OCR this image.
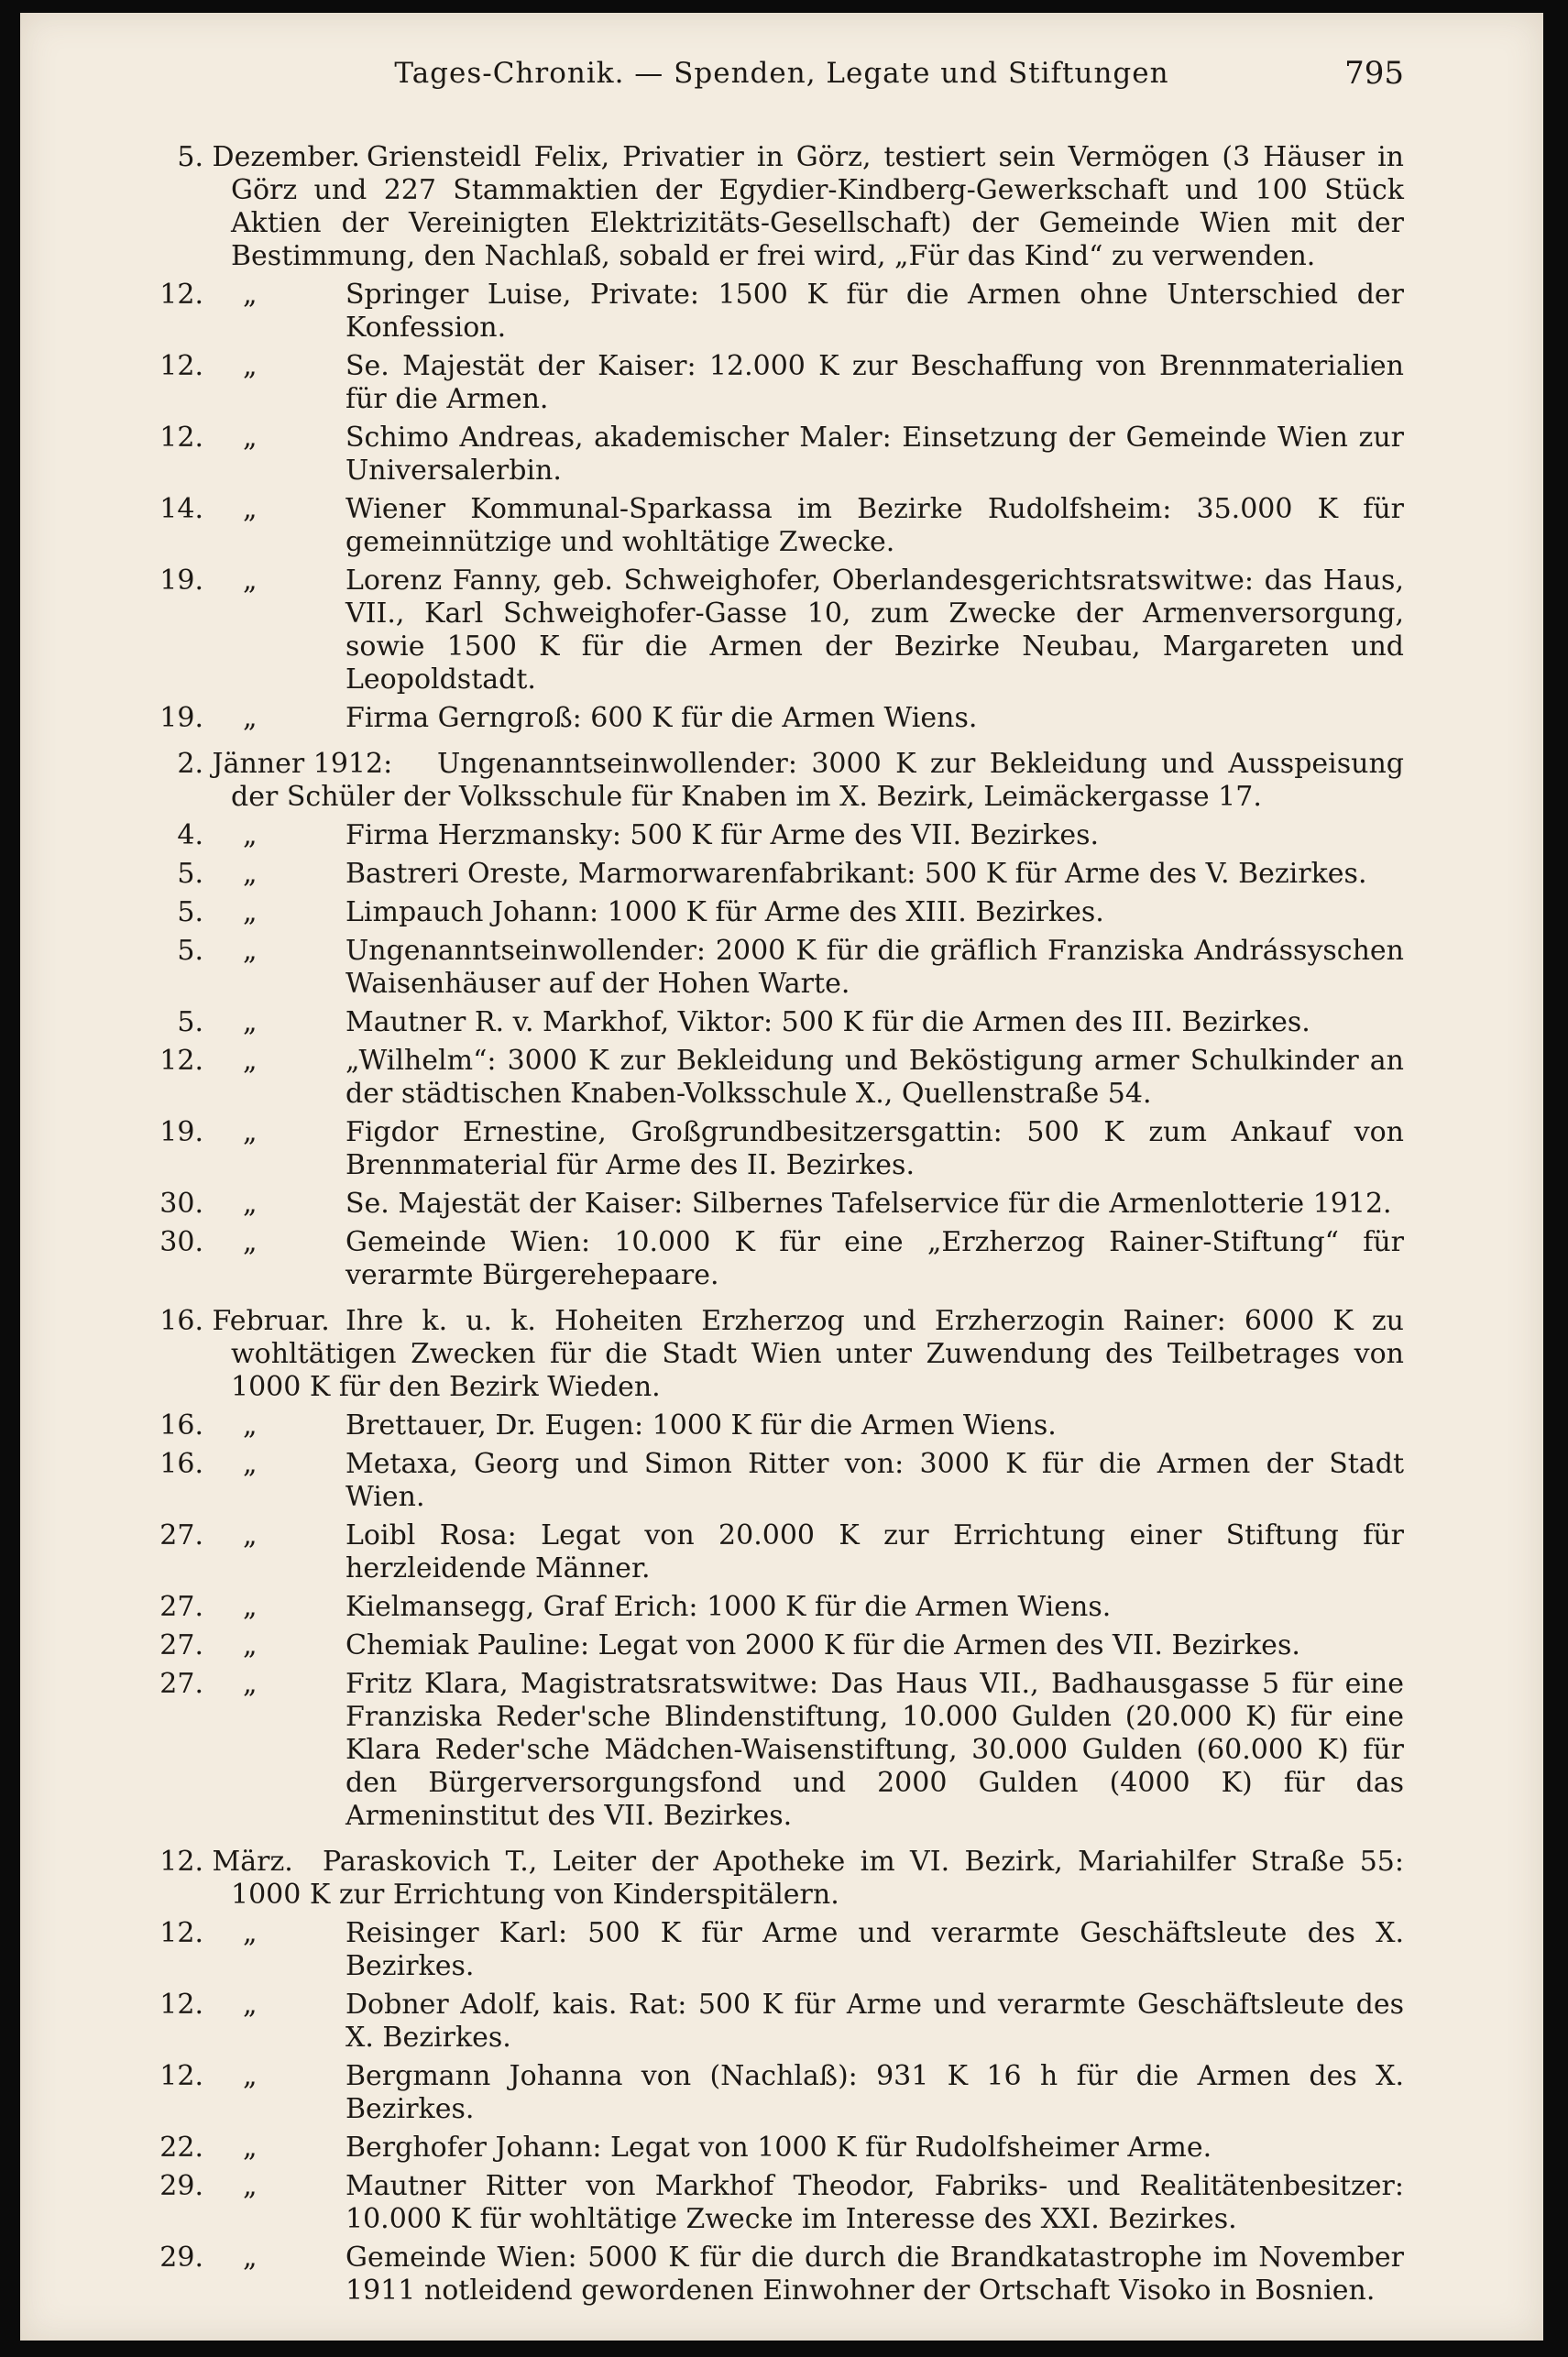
Tages-Chronik. — Spenden, Legate und Stiftungen	795
5. Dezember. Griensteidl Felix, Privatier in Görz, testiert sein Vermögen (3 Häuser in Görz und 227 Stammaktien der Egydier-Kindberg-Gewerkschaft und 100 Stück Aktien der Vereinigten Elektrizitäts-Gesellschaft) der Gemeinde Wien mit der Bestimmung, den Nachlaß, sobald er frei wird, „Für das Kind“ zu verwenden.
12. „	Springer Luise, Private: 1500 K für die Armen ohne Unterschied der Konfession.
12. „	Se. Majestät der Kaiser: 12.000 K zur Beschaffung von Brennmaterialien für die Armen.
12. „	Schimo Andreas, akademischer Maler: Einsetzung der Gemeinde Wien zur Universalerbin.
14. „	Wiener Kommunal-Sparkassa im Bezirke Rudolfsheim: 35.000 K für gemeinnützige und wohltätige Zwecke.
19. „	Lorenz Fanny, geb. Schweighofer, Oberlandesgerichtsratswitwe: das Haus, VII., Karl Schweighofer-Gasse 10, zum Zwecke der Armenversorgung, sowie 1500 K für die Armen der Bezirke Neubau, Margareten und Leopoldstadt.
19. „	Firma Gerngroß: 600 K für die Armen Wiens.
2. Jänner 1912:	Ungenanntseinwollender: 3000 K zur Bekleidung und Ausspeisung der Schüler der Volksschule für Knaben im X. Bezirk, Leimäckergasse 17.
4. „	Firma Herzmansky: 500 K für Arme des VII. Bezirkes.
5. „	Bastreri Oreste, Marmorwarenfabrikant: 500 K für Arme des V. Bezirkes.
5. „	Limpauch Johann: 1000 K für Arme des XIII. Bezirkes.
5. „	Ungenanntseinwollender: 2000 K für die gräflich Franziska Andrássyschen Waisenhäuser auf der Hohen Warte.
5. „	Mautner R. v. Markhof, Viktor: 500 K für die Armen des III. Bezirkes.
12. „	„Wilhelm“: 3000 K zur Bekleidung und Beköstigung armer Schulkinder an der städtischen Knaben-Volksschule X., Quellenstraße 54.
19. „	Figdor Ernestine, Großgrundbesitzersgattin: 500 K zum Ankauf von Brennmaterial für Arme des II. Bezirkes.
30. „	Se. Majestät der Kaiser: Silbernes Tafelservice für die Armenlotterie 1912.
30. „	Gemeinde Wien: 10.000 K für eine „Erzherzog Rainer-Stiftung“ für verarmte Bürgerehepaare.
16. Februar. Ihre k. u. k. Hoheiten Erzherzog und Erzherzogin Rainer: 6000 K zu wohltätigen Zwecken für die Stadt Wien unter Zuwendung des Teilbetrages von 1000 K für den Bezirk Wieden.
16. „	Brettauer, Dr. Eugen: 1000 K für die Armen Wiens.
16. „	Metaxa, Georg und Simon Ritter von: 3000 K für die Armen der Stadt Wien.
27. „	Loibl Rosa: Legat von 20.000 K zur Errichtung einer Stiftung für herzleidende Männer.
27. „	Kielmansegg, Graf Erich: 1000 K für die Armen Wiens.
27. „	Chemiak Pauline: Legat von 2000 K für die Armen des VII. Bezirkes.
27. „	Fritz Klara, Magistratsratswitwe: Das Haus VII., Badhausgasse 5 für eine Franziska Reder'sche Blindenstiftung, 10.000 Gulden (20.000 K) für eine Klara Reder'sche Mädchen-Waisenstiftung, 30.000 Gulden (60.000 K) für den Bürgerversorgungsfond und 2000 Gulden (4000 K) für das Armeninstitut des VII. Bezirkes.
12. März.	Paraskovich T., Leiter der Apotheke im VI. Bezirk, Mariahilfer Straße 55: 1000 K zur Errichtung von Kinderspitälern.
12. „	Reisinger Karl: 500 K für Arme und verarmte Geschäftsleute des X. Bezirkes.
12. „	Dobner Adolf, kais. Rat: 500 K für Arme und verarmte Geschäftsleute des X. Bezirkes.
12. „	Bergmann Johanna von (Nachlaß): 931 K 16 h für die Armen des X. Bezirkes.
22. „	Berghofer Johann: Legat von 1000 K für Rudolfsheimer Arme.
29. „	Mautner Ritter von Markhof Theodor, Fabriks- und Realitätenbesitzer: 10.000 K für wohltätige Zwecke im Interesse des XXI. Bezirkes.
29. „	Gemeinde Wien: 5000 K für die durch die Brandkatastrophe im November 1911 notleidend gewordenen Einwohner der Ortschaft Visoko in Bosnien.
